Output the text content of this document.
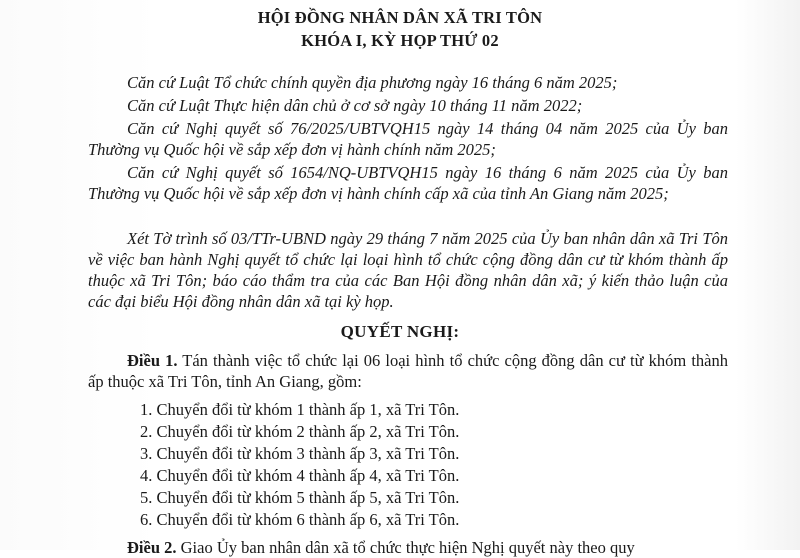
HỘI ĐỒNG NHÂN DÂN XÃ TRI TÔN
KHÓA I, KỲ HỌP THỨ 02
Căn cứ Luật Tổ chức chính quyền địa phương ngày 16 tháng 6 năm 2025;
Căn cứ Luật Thực hiện dân chủ ở cơ sở ngày 10 tháng 11 năm 2022;
Căn cứ Nghị quyết số 76/2025/UBTVQH15 ngày 14 tháng 04 năm 2025 của Ủy ban Thường vụ Quốc hội về sắp xếp đơn vị hành chính năm 2025;
Căn cứ Nghị quyết số 1654/NQ-UBTVQH15 ngày 16 tháng 6 năm 2025 của Ủy ban Thường vụ Quốc hội về sắp xếp đơn vị hành chính cấp xã của tỉnh An Giang năm 2025;
Xét Tờ trình số 03/TTr-UBND ngày 29 tháng 7 năm 2025 của Ủy ban nhân dân xã Tri Tôn về việc ban hành Nghị quyết tổ chức lại loại hình tổ chức cộng đồng dân cư từ khóm thành ấp thuộc xã Tri Tôn; báo cáo thẩm tra của các Ban Hội đồng nhân dân xã; ý kiến thảo luận của các đại biểu Hội đồng nhân dân xã tại kỳ họp.
QUYẾT NGHỊ:
Điều 1. Tán thành việc tổ chức lại 06 loại hình tổ chức cộng đồng dân cư từ khóm thành ấp thuộc xã Tri Tôn, tỉnh An Giang, gồm:
1. Chuyển đổi từ khóm 1 thành ấp 1, xã Tri Tôn.
2. Chuyển đổi từ khóm 2 thành ấp 2, xã Tri Tôn.
3. Chuyển đổi từ khóm 3 thành ấp 3, xã Tri Tôn.
4. Chuyển đổi từ khóm 4 thành ấp 4, xã Tri Tôn.
5. Chuyển đổi từ khóm 5 thành ấp 5, xã Tri Tôn.
6. Chuyển đổi từ khóm 6 thành ấp 6, xã Tri Tôn.
Điều 2. Giao Ủy ban nhân dân xã tổ chức thực hiện Nghị quyết này theo quy
